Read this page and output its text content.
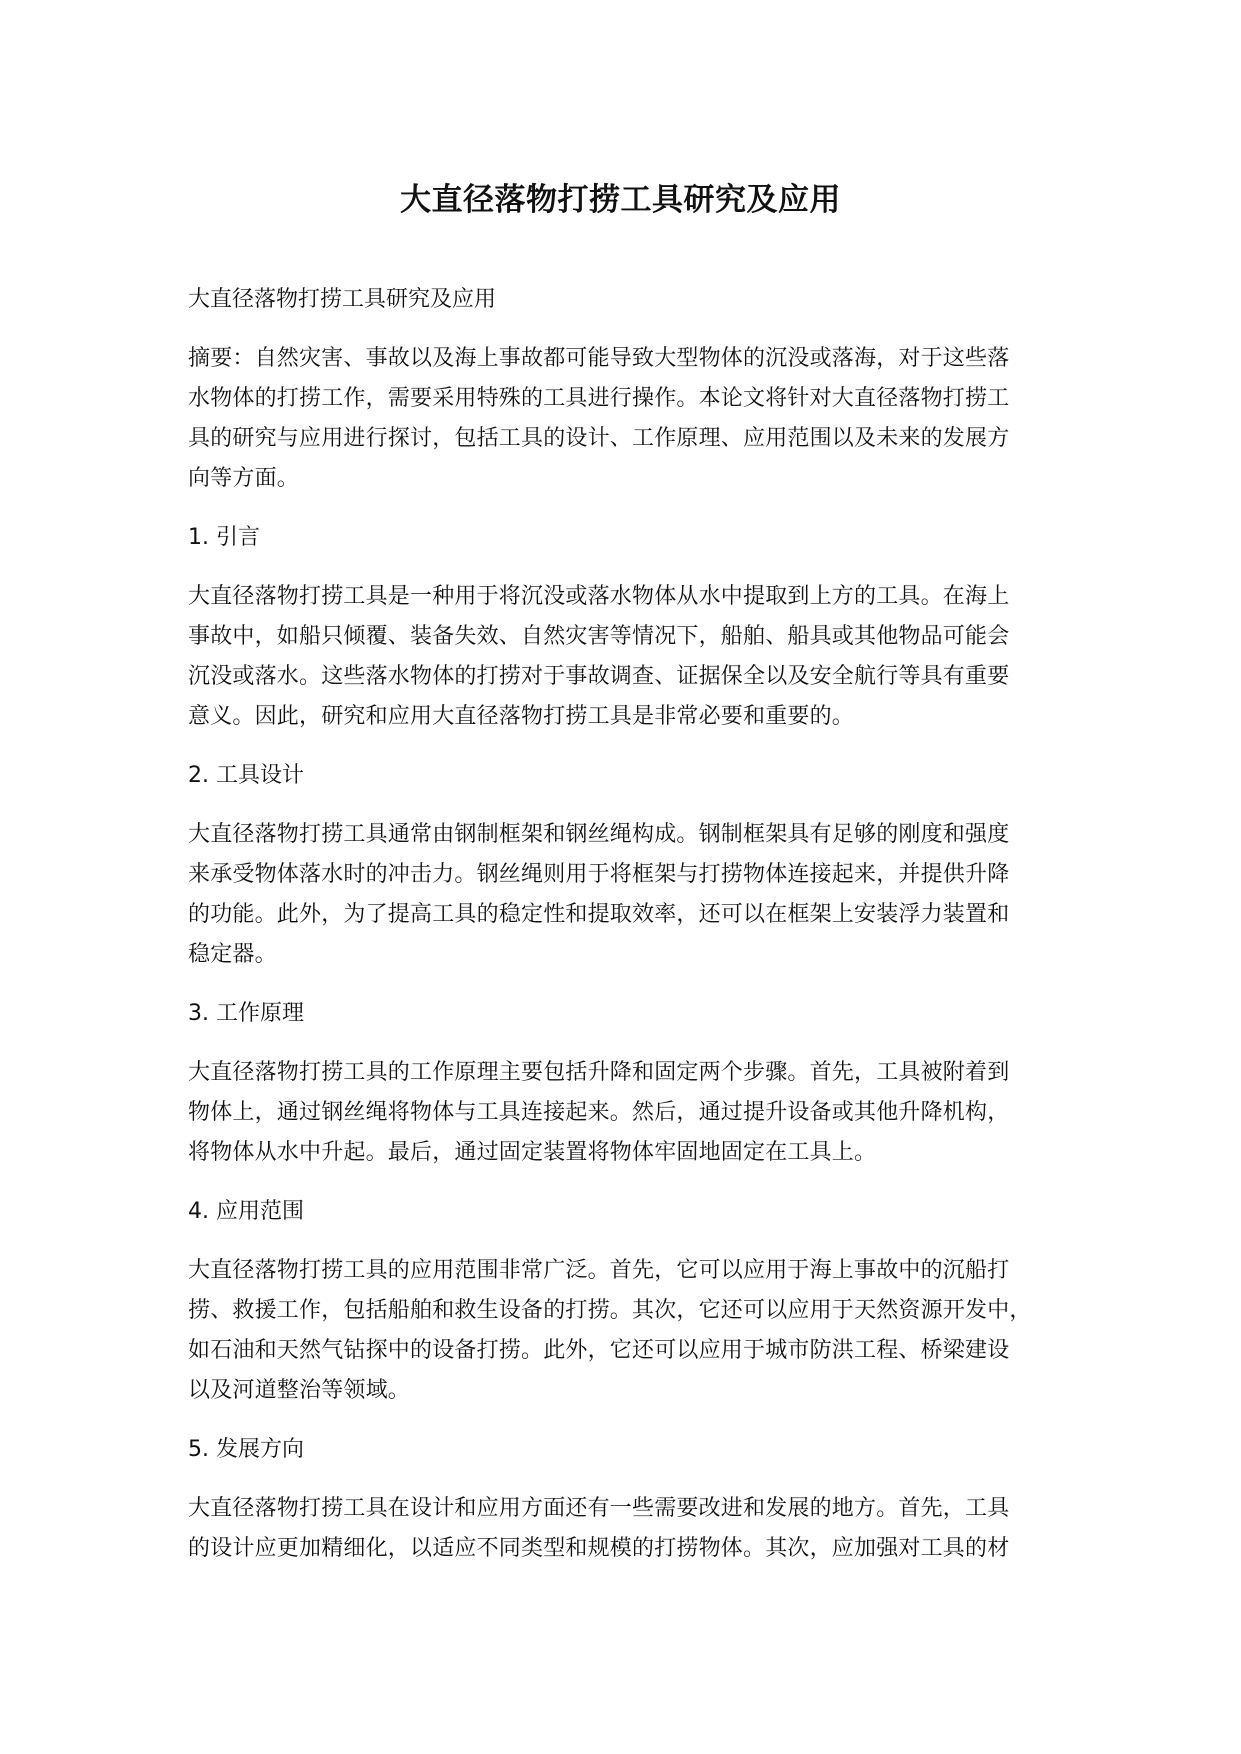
大直径落物打捞工具研究及应用

大直径落物打捞工具研究及应用

摘要：自然灾害、事故以及海上事故都可能导致大型物体的沉没或落海，对于这些落
水物体的打捞工作，需要采用特殊的工具进行操作。本论文将针对大直径落物打捞工
具的研究与应用进行探讨，包括工具的设计、工作原理、应用范围以及未来的发展方
向等方面。

1. 引言

大直径落物打捞工具是一种用于将沉没或落水物体从水中提取到上方的工具。在海上
事故中，如船只倾覆、装备失效、自然灾害等情况下，船舶、船具或其他物品可能会
沉没或落水。这些落水物体的打捞对于事故调查、证据保全以及安全航行等具有重要
意义。因此，研究和应用大直径落物打捞工具是非常必要和重要的。

2. 工具设计

大直径落物打捞工具通常由钢制框架和钢丝绳构成。钢制框架具有足够的刚度和强度
来承受物体落水时的冲击力。钢丝绳则用于将框架与打捞物体连接起来，并提供升降
的功能。此外，为了提高工具的稳定性和提取效率，还可以在框架上安装浮力装置和
稳定器。

3. 工作原理

大直径落物打捞工具的工作原理主要包括升降和固定两个步骤。首先，工具被附着到
物体上，通过钢丝绳将物体与工具连接起来。然后，通过提升设备或其他升降机构，
将物体从水中升起。最后，通过固定装置将物体牢固地固定在工具上。

4. 应用范围

大直径落物打捞工具的应用范围非常广泛。首先，它可以应用于海上事故中的沉船打
捞、救援工作，包括船舶和救生设备的打捞。其次，它还可以应用于天然资源开发中，
如石油和天然气钻探中的设备打捞。此外，它还可以应用于城市防洪工程、桥梁建设
以及河道整治等领域。

5. 发展方向

大直径落物打捞工具在设计和应用方面还有一些需要改进和发展的地方。首先，工具
的设计应更加精细化，以适应不同类型和规模的打捞物体。其次，应加强对工具的材
